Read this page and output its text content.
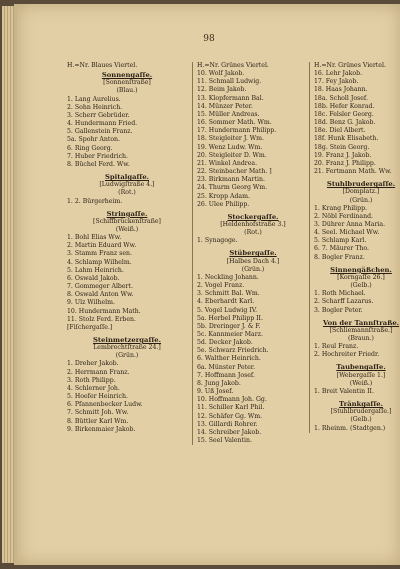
98
H.=Nr. Blaues Viertel.
Sonnengaſſe.
[Sonnenſtraße]
(Blau.)
1. Lang Aurelius.
2. Sohn Heinrich.
3. Scherr Gebrüder.
4. Hundermann Fried.
5. Gallenstein Franz.
5a. Spohr Anton.
6. Ring Georg.
7. Huber Friedrich.
8. Büchel Ferd. Ww.
Spitalgaſſe.
[Ludwigſtraße 4.]
(Rot.)
1. 2. Bürgerheim.
Stringaſſe.
[Schiffbrückenſtraße]
(Weiß.)
1. Bohl Elias Ww.
2. Martin Eduard Ww.
3. Stamm Franz sen.
4. Schlamp Wilhelm.
5. Lahm Heinrich.
6. Oswald Jakob.
7. Gommeger Albert.
8. Oswald Anton Ww.
9. Ulz Wilhelm.
10. Hundermann Math.
11. Stolz Ferd. Erben.
[Fiſchergaſſe.]
Steinmetzergaſſe.
Lembrechtſtraße 24.]
(Grün.)
1. Dreher Jakob.
2. Herrmann Franz.
3. Roth Philipp.
4. Schlerner Joh.
5. Hoefer Heinrich.
6. Pfannenbecker Ludw.
7. Schmitt Joh. Ww.
8. Büttler Karl Wm.
9. Birkenmaier Jakob.
H.=Nr. Grünes Viertel.
10. Wolf Jakob.
11. Schmall Ludwig.
12. Beim Jakob.
13. Klopfermann Bal.
14. Münzer Peter.
15. Müller Andreas.
16. Sommer Math. Wm.
17. Hundermann Philipp.
18. Steigleiter J. Wm.
19. Wenz Ludw. Wm.
20. Steigleiter D. Wm.
21. Winkel Andrea.
22. Steinbacher Math. ]
23. Birkmann Martin.
24. Thurm Georg Wm.
25. Kropp Adam.
26. Ulee Philipp.
Stockergaſſe.
[Heldenhofstraße 3.]
(Rot.)
1. Synagoge.
Stübergaſſe.
[Halbes Dach 4.]
(Grün.)
1. Neckling Johann.
2. Vogel Franz.
3. Schmitt Bal. Wm.
4. Eberhardt Karl.
5. Vogel Ludwig IV.
5a. Herbel Philipp II.
5b. Dreringer J. & F.
5c. Kannmeier Marz.
5d. Decker Jakob.
5e. Schwarz Friedrich.
6. Walther Heinrich.
6a. Münster Peter.
7. Hoffmann Josef.
8. Jung Jakob.
9. Uß Josef.
10. Hoffmann Joh. Gg.
11. Schiller Karl Phil.
12. Schäfer Gg. Wm.
13. Gillardi Rohrer.
14. Schreiber Jakob.
15. Seel Valentin.
H.=Nr. Grünes Viertel.
16. Lehr Jakob.
17. Fey Jakob.
18. Haas Johann.
18a. Scholl Josef.
18b. Hefer Konrad.
18c. Felsler Georg.
18d. Benz G. Jakob.
18e. Diel Albert.
18f. Hunk Elisabeth.
18g. Stein Georg.
19. Franz J. Jakob.
20. Franz J. Philipp.
21. Fertmann Math. Ww.
Stuhlbrudergaſſe.
[Domplatz.]
(Grün.)
1. Krang Philipp.
2. Nöbl Ferdinand.
3. Dührer Anna Maria.
4. Seel. Michael Ww.
5. Schlamp Karl.
6. 7. Mäurer Tho.
8. Bogler Franz.
Sinnengäßchen.
[Korngaſſe 26.]
(Gelb.)
1. Roth Michael.
2. Scharff Lazarus.
3. Bogler Peter.
Von der Tannſtraße.
[Schliemannſtraße.]
(Braun.)
1. Reul Franz.
2. Hochreiter Friedr.
Taubengaſſe.
[Webergaſſe 1.]
(Weiß.)
1. Breit Valentin II.
Tränkgaſſe.
[Stuhlbrudergaſſe.]
(Gelb.)
1. Rheinm. (Stadtgen.)
